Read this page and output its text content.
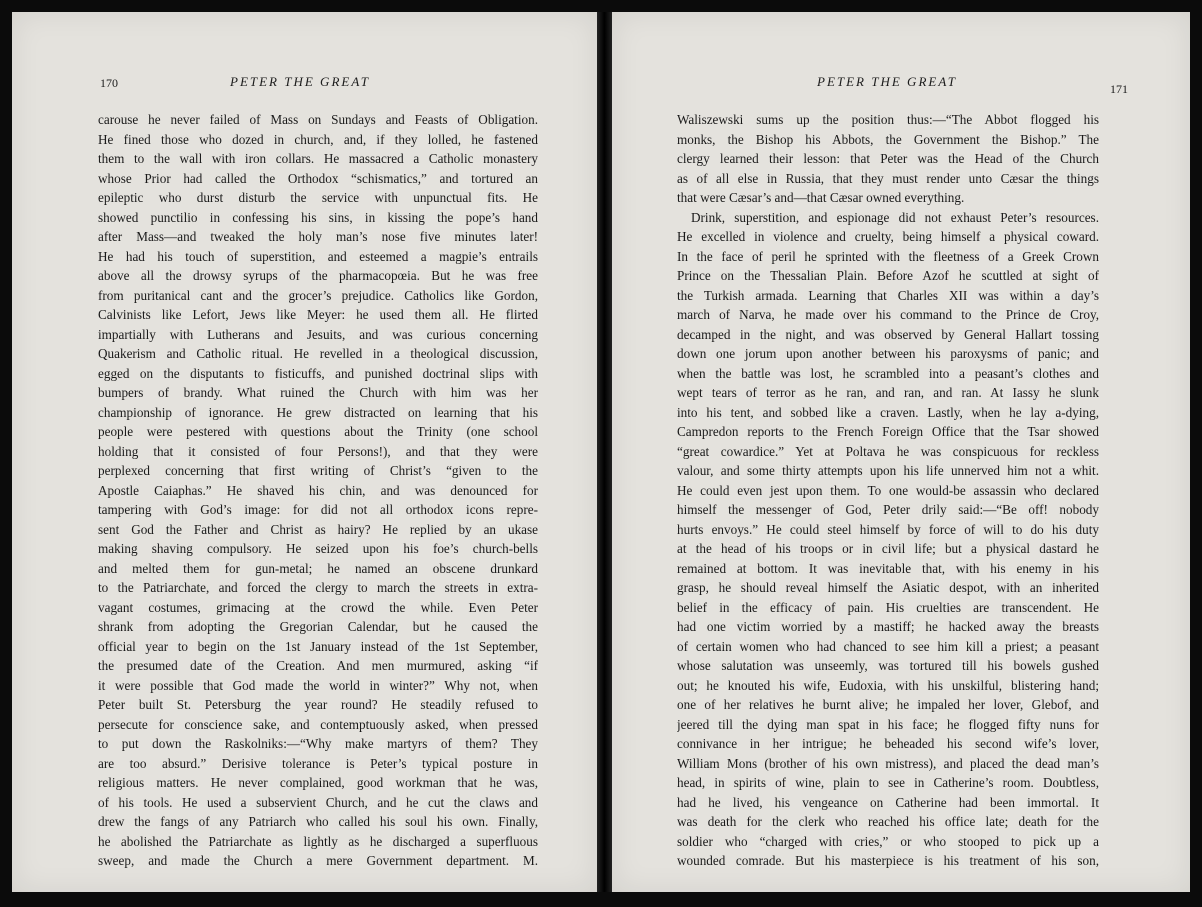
170	PETER THE GREAT
carouse he never failed of Mass on Sundays and Feasts of Obligation.
He fined those who dozed in church, and, if they lolled, he fastened
them to the wall with iron collars. He massacred a Catholic monastery
whose Prior had called the Orthodox “schismatics,” and tortured an
epileptic who durst disturb the service with unpunctual fits. He
showed punctilio in confessing his sins, in kissing the pope’s hand
after Mass—and tweaked the holy man’s nose five minutes later!
He had his touch of superstition, and esteemed a magpie’s entrails
above all the drowsy syrups of the pharmacopœia. But he was free
from puritanical cant and the grocer’s prejudice. Catholics like Gordon,
Calvinists like Lefort, Jews like Meyer: he used them all. He flirted
impartially with Lutherans and Jesuits, and was curious concerning
Quakerism and Catholic ritual. He revelled in a theological discussion,
egged on the disputants to fisticuffs, and punished doctrinal slips with
bumpers of brandy. What ruined the Church with him was her
championship of ignorance. He grew distracted on learning that his
people were pestered with questions about the Trinity (one school
holding that it consisted of four Persons!), and that they were
perplexed concerning that first writing of Christ’s “given to the
Apostle Caiaphas.” He shaved his chin, and was denounced for
tampering with God’s image: for did not all orthodox icons repre-
sent God the Father and Christ as hairy? He replied by an ukase
making shaving compulsory. He seized upon his foe’s church-bells
and melted them for gun-metal; he named an obscene drunkard
to the Patriarchate, and forced the clergy to march the streets in extra-
vagant costumes, grimacing at the crowd the while. Even Peter
shrank from adopting the Gregorian Calendar, but he caused the
official year to begin on the 1st January instead of the 1st September,
the presumed date of the Creation. And men murmured, asking “if
it were possible that God made the world in winter?” Why not, when
Peter built St. Petersburg the year round? He steadily refused to
persecute for conscience sake, and contemptuously asked, when pressed
to put down the Raskolniks:—“Why make martyrs of them? They
are too absurd.” Derisive tolerance is Peter’s typical posture in
religious matters. He never complained, good workman that he was,
of his tools. He used a subservient Church, and he cut the claws and
drew the fangs of any Patriarch who called his soul his own. Finally,
he abolished the Patriarchate as lightly as he discharged a superfluous
sweep, and made the Church a mere Government department. M.
PETER THE GREAT	171
Waliszewski sums up the position thus:—“The Abbot flogged his
monks, the Bishop his Abbots, the Government the Bishop.” The
clergy learned their lesson: that Peter was the Head of the Church
as of all else in Russia, that they must render unto Cæsar the things
that were Cæsar’s and—that Cæsar owned everything.
Drink, superstition, and espionage did not exhaust Peter’s resources.
He excelled in violence and cruelty, being himself a physical coward.
In the face of peril he sprinted with the fleetness of a Greek Crown
Prince on the Thessalian Plain. Before Azof he scuttled at sight of
the Turkish armada. Learning that Charles XII was within a day’s
march of Narva, he made over his command to the Prince de Croy,
decamped in the night, and was observed by General Hallart tossing
down one jorum upon another between his paroxysms of panic; and
when the battle was lost, he scrambled into a peasant’s clothes and
wept tears of terror as he ran, and ran, and ran. At Iassy he slunk
into his tent, and sobbed like a craven. Lastly, when he lay a-dying,
Campredon reports to the French Foreign Office that the Tsar showed
“great cowardice.” Yet at Poltava he was conspicuous for reckless
valour, and some thirty attempts upon his life unnerved him not a whit.
He could even jest upon them. To one would-be assassin who declared
himself the messenger of God, Peter drily said:—“Be off! nobody
hurts envoys.” He could steel himself by force of will to do his duty
at the head of his troops or in civil life; but a physical dastard he
remained at bottom. It was inevitable that, with his enemy in his
grasp, he should reveal himself the Asiatic despot, with an inherited
belief in the efficacy of pain. His cruelties are transcendent. He
had one victim worried by a mastiff; he hacked away the breasts
of certain women who had chanced to see him kill a priest; a peasant
whose salutation was unseemly, was tortured till his bowels gushed
out; he knouted his wife, Eudoxia, with his unskilful, blistering hand;
one of her relatives he burnt alive; he impaled her lover, Glebof, and
jeered till the dying man spat in his face; he flogged fifty nuns for
connivance in her intrigue; he beheaded his second wife’s lover,
William Mons (brother of his own mistress), and placed the dead man’s
head, in spirits of wine, plain to see in Catherine’s room. Doubtless,
had he lived, his vengeance on Catherine had been immortal. It
was death for the clerk who reached his office late; death for the
soldier who “charged with cries,” or who stooped to pick up a
wounded comrade. But his masterpiece is his treatment of his son,
